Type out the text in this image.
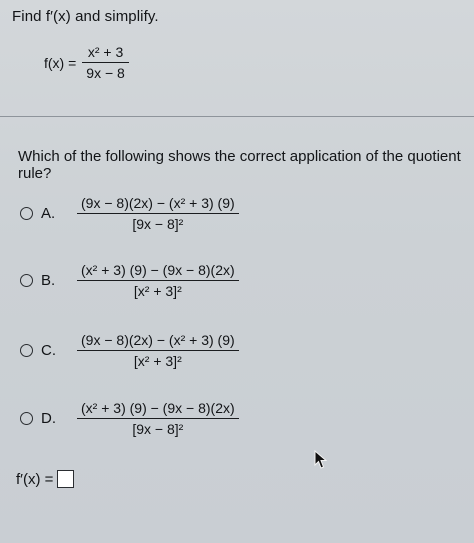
Find f′(x) and simplify.
$f(x) = \frac{\text{x² + 3}}{9x - 8}$
Which of the following shows the correct application of the quotient rule?
A.	$\frac{\text{(9x − 8)(2x) − (x² + 3) (9)}}{\text{[9x − 8]²}}$
B.	$\frac{\text{(x² + 3) (9) − (9x − 8)(2x)}}{\text{[x² + 3]²}}$
C.	$\frac{\text{(9x − 8)(2x) − (x² + 3) (9)}}{\text{[x² + 3]²}}$
D.	$\frac{\text{(x² + 3) (9) − (9x − 8)(2x)}}{\text{[9x − 8]²}}$
f′(x) =
